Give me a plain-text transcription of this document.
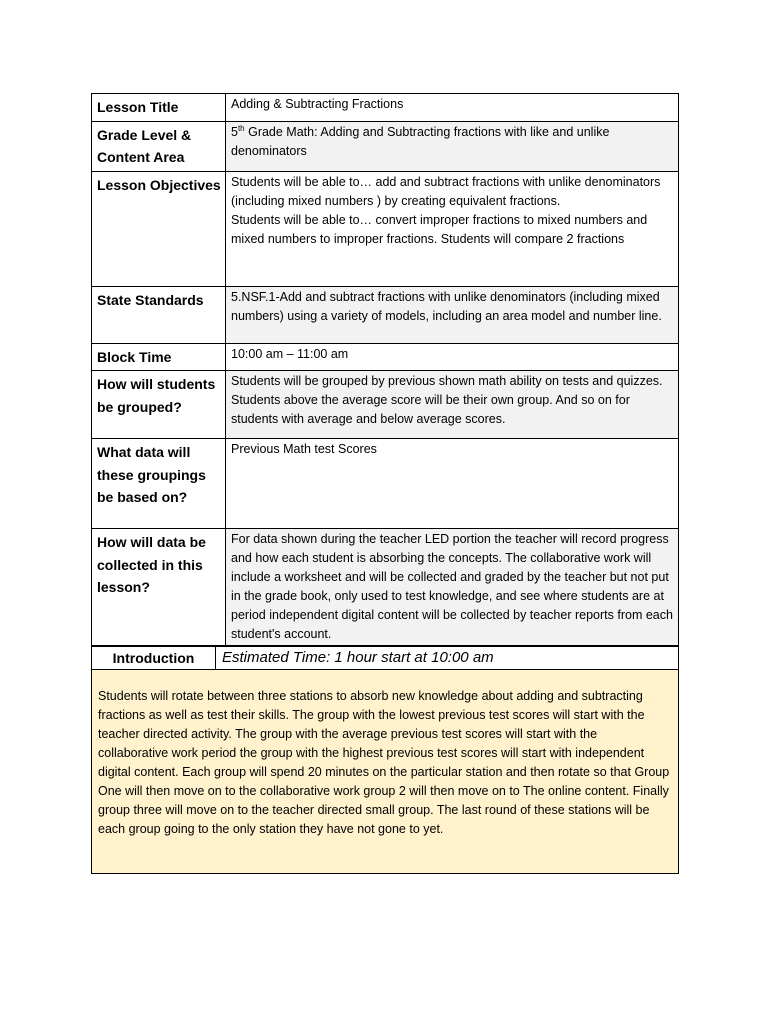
Lesson Title	Adding & Subtracting Fractions
Grade Level & Content Area	5th Grade Math: Adding and Subtracting fractions with like and unlike denominators
Lesson Objectives	Students will be able to… add and subtract fractions with unlike denominators (including mixed numbers ) by creating equivalent fractions.
Students will be able to… convert improper fractions to mixed numbers and mixed numbers to improper fractions. Students will compare 2 fractions

State Standards	5.NSF.1-Add and subtract fractions with unlike denominators (including mixed numbers) using a variety of models, including an area model and number line.
Block Time	10:00 am – 11:00 am
How will students be grouped?	Students will be grouped by previous shown math ability on tests and quizzes. Students above the average score will be their own group. And so on for students with average and below average scores.
What data will these groupings be based on?	Previous Math test Scores
How will data be collected in this lesson?	For data shown during the teacher LED portion the teacher will record progress and how each student is absorbing the concepts. The collaborative work will include a worksheet and will be collected and graded by the teacher but not put in the grade book, only used to test knowledge, and see where students are at period independent digital content will be collected by teacher reports from each student's account.
Introduction	Estimated Time: 1 hour start at 10:00 am
Students will rotate between three stations to absorb new knowledge about adding and subtracting fractions as well as test their skills. The group with the lowest previous test scores will start with the teacher directed activity. The group with the average previous test scores will start with the collaborative work period the group with the highest previous test scores will start with independent digital content. Each group will spend 20 minutes on the particular station and then rotate so that Group One will then move on to the collaborative work group 2 will then move on to The online content. Finally group three will move on to the teacher directed small group. The last round of these stations will be each group going to the only station they have not gone to yet.
